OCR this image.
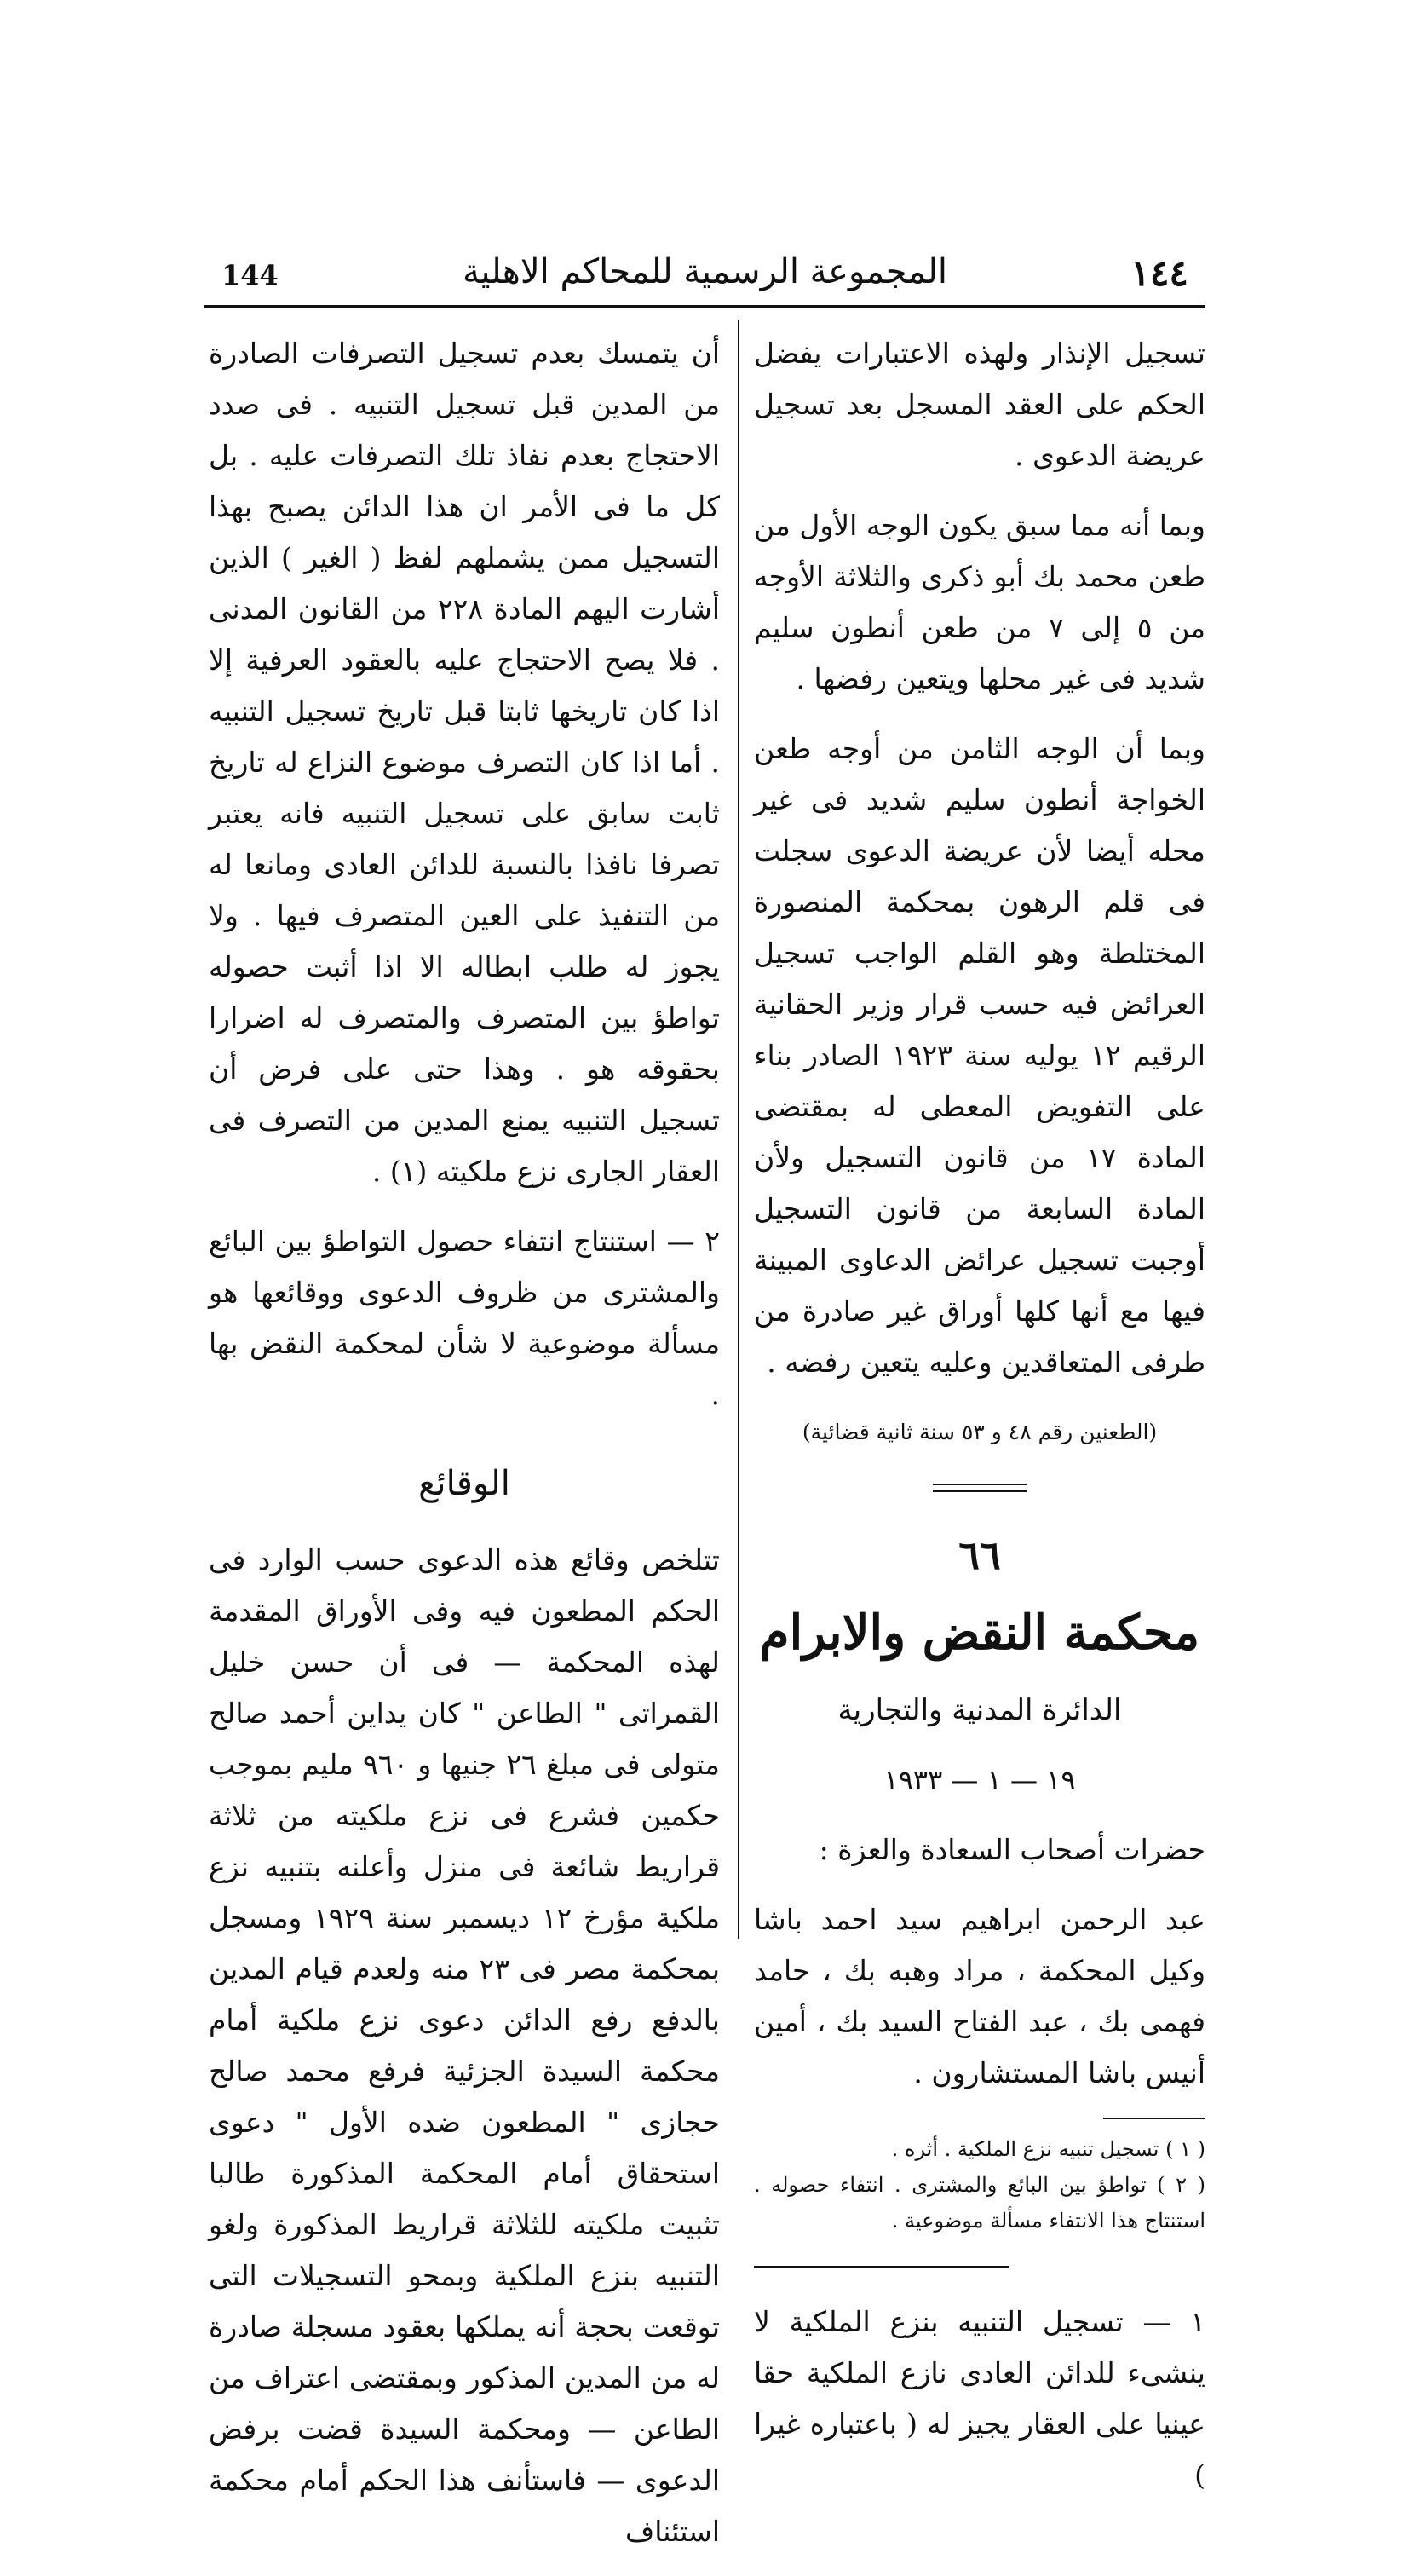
144	المجموعة الرسمية للمحاكم الاهلية	١٤٤

تسجيل الإنذار ولهذه الاعتبارات يفضل الحكم على العقد المسجل بعد تسجيل عريضة الدعوى .

وبما أنه مما سبق يكون الوجه الأول من طعن محمد بك أبو ذكرى والثلاثة الأوجه من ٥ إلى ٧ من طعن أنطون سليم شديد فى غير محلها ويتعين رفضها .

وبما أن الوجه الثامن من أوجه طعن الخواجة أنطون سليم شديد فى غير محله أيضا لأن عريضة الدعوى سجلت فى قلم الرهون بمحكمة المنصورة المختلطة وهو القلم الواجب تسجيل العرائض فيه حسب قرار وزير الحقانية الرقيم ١٢ يوليه سنة ١٩٢٣ الصادر بناء على التفويض المعطى له بمقتضى المادة ١٧ من قانون التسجيل ولأن المادة السابعة من قانون التسجيل أوجبت تسجيل عرائض الدعاوى المبينة فيها مع أنها كلها أوراق غير صادرة من طرفى المتعاقدين وعليه يتعين رفضه .

(الطعنين رقم ٤٨ و ٥٣ سنة ثانية قضائية)

٦٦

محكمة النقض والابرام

الدائرة المدنية والتجارية

١٩ — ١ — ١٩٣٣

حضرات أصحاب السعادة والعزة :

عبد الرحمن ابراهيم سيد احمد باشا وكيل المحكمة ، مراد وهبه بك ، حامد فهمى بك ، عبد الفتاح السيد بك ، أمين أنيس باشا المستشارون .

( ١ ) تسجيل تنبيه نزع الملكية . أثره .

( ٢ ) تواطؤ بين البائع والمشترى . انتفاء حصوله . استنتاج هذا الانتفاء مسألة موضوعية .

١ — تسجيل التنبيه بنزع الملكية لا ينشىء للدائن العادى نازع الملكية حقا عينيا على العقار يجيز له ( باعتباره غيرا )

أن يتمسك بعدم تسجيل التصرفات الصادرة من المدين قبل تسجيل التنبيه . فى صدد الاحتجاج بعدم نفاذ تلك التصرفات عليه . بل كل ما فى الأمر ان هذا الدائن يصبح بهذا التسجيل ممن يشملهم لفظ ( الغير ) الذين أشارت اليهم المادة ٢٢٨ من القانون المدنى . فلا يصح الاحتجاج عليه بالعقود العرفية إلا اذا كان تاريخها ثابتا قبل تاريخ تسجيل التنبيه . أما اذا كان التصرف موضوع النزاع له تاريخ ثابت سابق على تسجيل التنبيه فانه يعتبر تصرفا نافذا بالنسبة للدائن العادى ومانعا له من التنفيذ على العين المتصرف فيها . ولا يجوز له طلب ابطاله الا اذا أثبت حصوله تواطؤ بين المتصرف والمتصرف له اضرارا بحقوقه هو . وهذا حتى على فرض أن تسجيل التنبيه يمنع المدين من التصرف فى العقار الجارى نزع ملكيته (١) .

٢ — استنتاج انتفاء حصول التواطؤ بين البائع والمشترى من ظروف الدعوى ووقائعها هو مسألة موضوعية لا شأن لمحكمة النقض بها .

الوقائع

تتلخص وقائع هذه الدعوى حسب الوارد فى الحكم المطعون فيه وفى الأوراق المقدمة لهذه المحكمة — فى أن حسن خليل القمراتى " الطاعن " كان يداين أحمد صالح متولى فى مبلغ ٢٦ جنيها و ٩٦٠ مليم بموجب حكمين فشرع فى نزع ملكيته من ثلاثة قراريط شائعة فى منزل وأعلنه بتنبيه نزع ملكية مؤرخ ١٢ ديسمبر سنة ١٩٢٩ ومسجل بمحكمة مصر فى ٢٣ منه ولعدم قيام المدين بالدفع رفع الدائن دعوى نزع ملكية أمام محكمة السيدة الجزئية فرفع محمد صالح حجازى " المطعون ضده الأول " دعوى استحقاق أمام المحكمة المذكورة طالبا تثبيت ملكيته للثلاثة قراريط المذكورة ولغو التنبيه بنزع الملكية وبمحو التسجيلات التى توقعت بحجة أنه يملكها بعقود مسجلة صادرة له من المدين المذكور وبمقتضى اعتراف من الطاعن — ومحكمة السيدة قضت برفض الدعوى — فاستأنف هذا الحكم أمام محكمة استئناف
